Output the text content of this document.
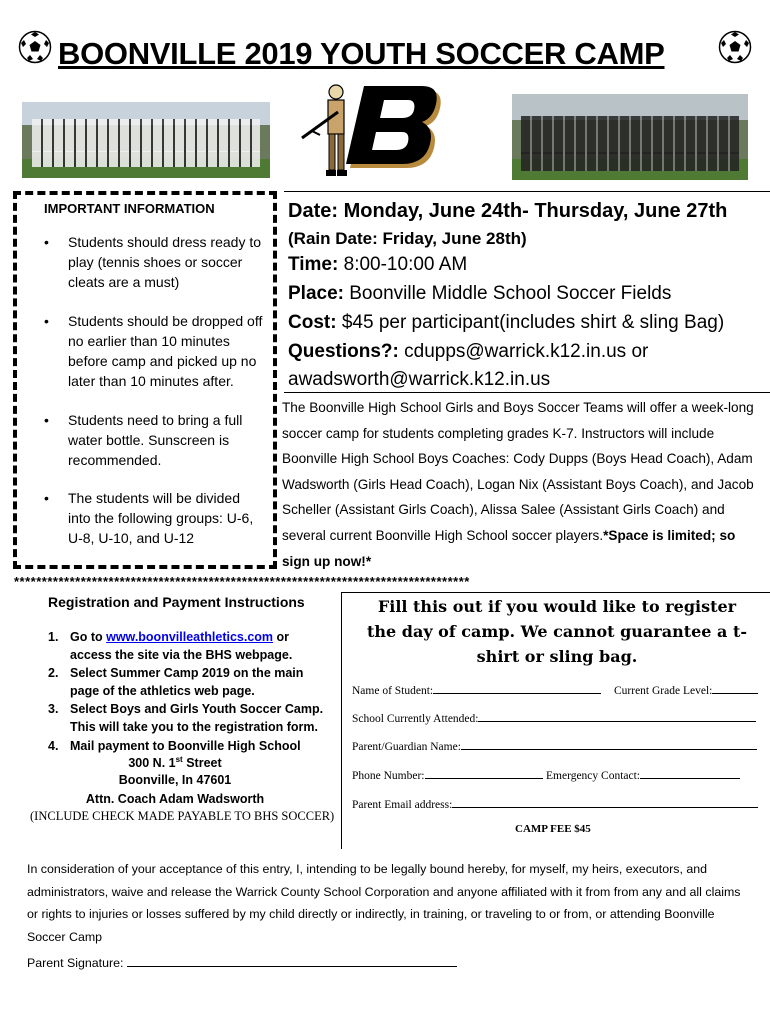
BOONVILLE 2019 YOUTH SOCCER CAMP
IMPORTANT INFORMATION
• Students should dress ready to play (tennis shoes or soccer cleats are a must)
• Students should be dropped off no earlier than 10 minutes before camp and picked up no later than 10 minutes after.
• Students need to bring a full water bottle. Sunscreen is recommended.
• The students will be divided into the following groups: U-6, U-8, U-10, and U-12
Date: Monday, June 24th- Thursday, June 27th
(Rain Date: Friday, June 28th)
Time: 8:00-10:00 AM
Place: Boonville Middle School Soccer Fields
Cost: $45 per participant(includes shirt & sling Bag)
Questions?: cdupps@warrick.k12.in.us or
awadsworth@warrick.k12.in.us
The Boonville High School Girls and Boys Soccer Teams will offer a week-long soccer camp for students completing grades K-7. Instructors will include Boonville High School Boys Coaches: Cody Dupps (Boys Head Coach), Adam Wadsworth (Girls Head Coach), Logan Nix (Assistant Boys Coach), and Jacob Scheller (Assistant Girls Coach), Alissa Salee (Assistant Girls Coach) and several current Boonville High School soccer players.*Space is limited; so sign up now!*
**********************************************************************************
Registration and Payment Instructions
1. Go to www.boonvilleathletics.com or access the site via the BHS webpage.
2. Select Summer Camp 2019 on the main page of the athletics web page.
3. Select Boys and Girls Youth Soccer Camp. This will take you to the registration form.
4. Mail payment to Boonville High School
300 N. 1st Street
Boonville, In 47601
Attn. Coach Adam Wadsworth
(INCLUDE CHECK MADE PAYABLE TO BHS SOCCER)
Fill this out if you would like to register the day of camp. We cannot guarantee a t-shirt or sling bag.
Name of Student:	Current Grade Level:
School Currently Attended:
Parent/Guardian Name:
Phone Number:	Emergency Contact:
Parent Email address:
CAMP FEE $45
In consideration of your acceptance of this entry, I, intending to be legally bound hereby, for myself, my heirs, executors, and administrators, waive and release the Warrick County School Corporation and anyone affiliated with it from from any and all claims or rights to injuries or losses suffered by my child directly or indirectly, in training, or traveling to or from, or attending Boonville Soccer Camp
Parent Signature:
